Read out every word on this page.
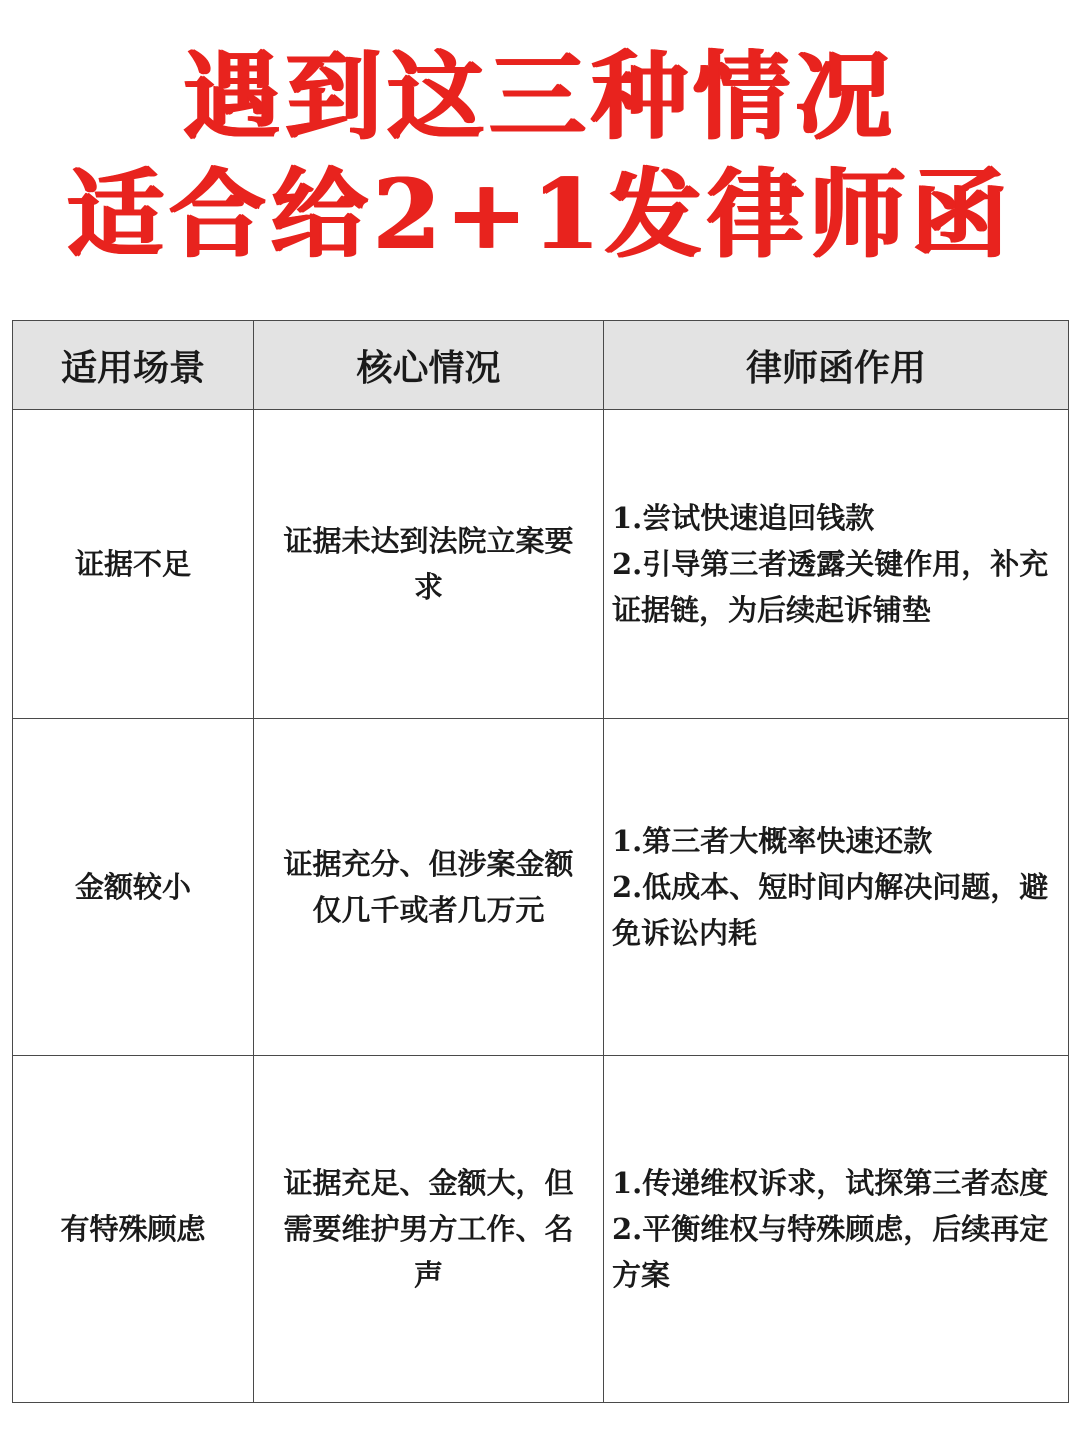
遇到这三种情况
适合给2+1发律师函
适用场景	核心情况	律师函作用
证据不足	证据未达到法院立案要求	1.尝试快速追回钱款
2.引导第三者透露关键作用，补充证据链，为后续起诉铺垫

金额较小	证据充分、但涉案金额仅几千或者几万元	1.第三者大概率快速还款
2.低成本、短时间内解决问题，避免诉讼内耗

有特殊顾虑	证据充足、金额大，但需要维护男方工作、名声	1.传递维权诉求，试探第三者态度
2.平衡维权与特殊顾虑，后续再定方案
